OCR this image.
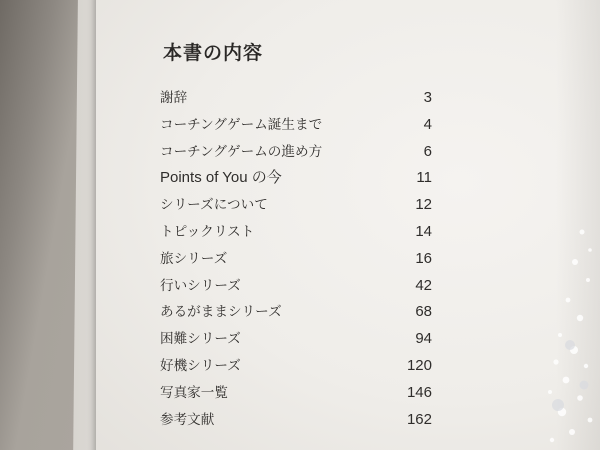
本書の内容
謝辞	3
コーチングゲーム誕生まで	4
コーチングゲームの進め方	6
Points of You の今	11
シリーズについて	12
トピックリスト	14
旅シリーズ	16
行いシリーズ	42
あるがままシリーズ	68
困難シリーズ	94
好機シリーズ	120
写真家一覧	146
参考文献	162
